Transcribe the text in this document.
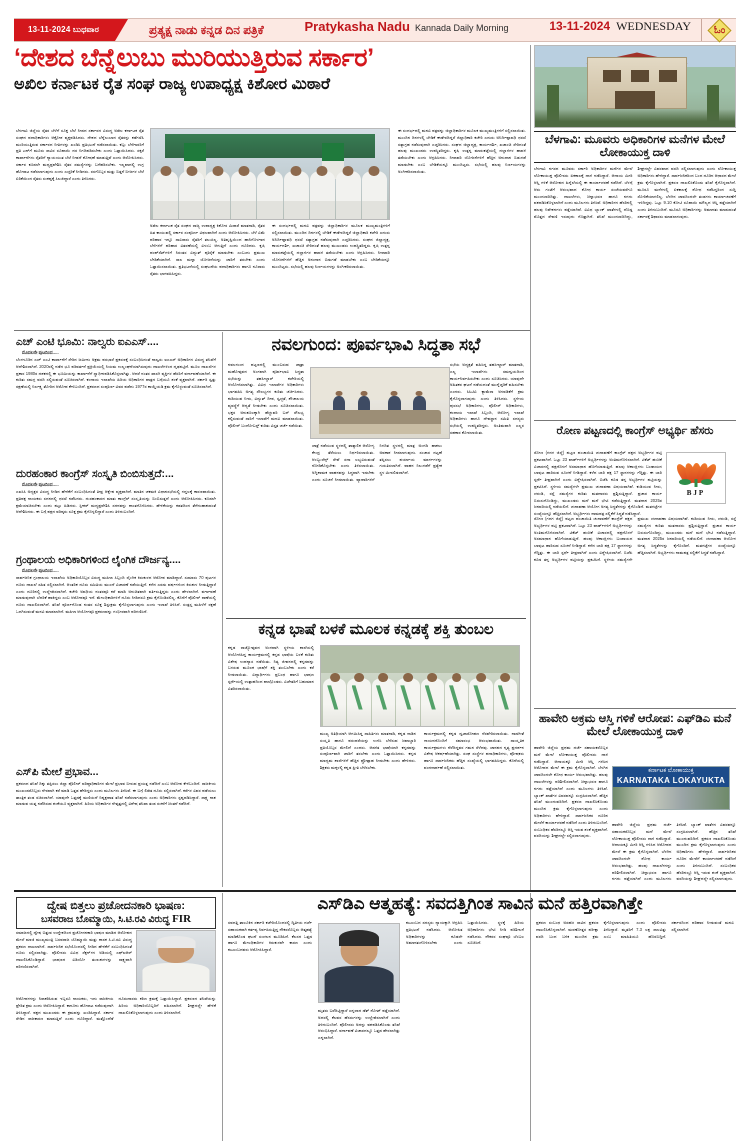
13-11-2024 ಬುಧವಾರ	ಪ್ರತ್ಯಕ್ಷ ನಾಡು ಕನ್ನಡ ದಿನ ಪತ್ರಿಕೆ	Pratykasha Nadu Kannada Daily Morning	13-11-2024 WEDNESDAY ಓಂ
‘ದೇಶದ ಬೆನ್ನೆಲುಬು ಮುರಿಯುತ್ತಿರುವ ಸರ್ಕಾರ’
ಅಖಿಲ ಕರ್ನಾಟಕ ರೈತ ಸಂಘ ರಾಜ್ಯ ಉಪಾಧ್ಯಕ್ಷ ಕಿಶೋರ ಮಿಠಾರೆ
ಬೆಳಗಾವಿ: ಮೂವರು ಅಧಿಕಾರಿಗಳ ಮನೆಗಳ ಮೇಲೆ ಲೋಕಾಯುಕ್ತ ದಾಳಿ
ಬೆಳಗಾವಿ ನಗರದ ಮೂವರು ಸರ್ಕಾರಿ ಅಧಿಕಾರಿಗಳ ಮನೆಗಳ ಮೇಲೆ ಲೋಕಾಯುಕ್ತ ಪೊಲೀಸರು ಏಕಕಾಲಕ್ಕೆ ದಾಳಿ ನಡೆಸಿದ್ದಾರೆ. ಆದಾಯ ಮೀರಿ ಆಸ್ತಿ ಗಳಿಕೆ ಆರೋಪದ ಹಿನ್ನೆಲೆಯಲ್ಲಿ ಈ ಕಾರ್ಯಾಚರಣೆ ನಡೆದಿದೆ. ಬೆಳಗ್ಗೆ ಆರು ಗಂಟೆಗೆ ಆರಂಭವಾದ ಶೋಧ ಕಾರ್ಯ ಸಂಜೆಯವರೆಗೂ ಮುಂದುವರಿದಿತ್ತು. ದಾಖಲೆಗಳು, ಚಿನ್ನಾಭರಣ ಹಾಗೂ ನಗದು ವಶಪಡಿಸಿಕೊಳ್ಳಲಾಗಿದೆ ಎಂದು ಮೂಲಗಳು ತಿಳಿಸಿವೆ. ಅಧಿಕಾರಿಗಳ ಹೆಸರಿನಲ್ಲಿ ಹಲವು ನಿವೇಶನಗಳು ಪತ್ತೆಯಾಗಿವೆ. ವಿವಿಧ ಬ್ಯಾಂಕ್ ಖಾತೆಗಳಲ್ಲಿ ದೊಡ್ಡ ಮೊತ್ತದ ಠೇವಣಿ ಇರುವುದು ಗೊತ್ತಾಗಿದೆ. ತನಿಖೆ ಮುಂದುವರಿದಿದ್ದು, ಶೀಘ್ರದಲ್ಲೇ ವಿವರವಾದ ವರದಿ ಸಲ್ಲಿಸಲಾಗುವುದು ಎಂದು ಲೋಕಾಯುಕ್ತ ಅಧಿಕಾರಿಗಳು ಹೇಳಿದ್ದಾರೆ. ಸಾರ್ವಜನಿಕರಿಂದ ಬಂದ ದೂರಿನ ಆಧಾರದ ಮೇಲೆ ಕ್ರಮ ಕೈಗೊಳ್ಳಲಾಗಿದೆ. ಪ್ರಕರಣ ದಾಖಲಿಸಿಕೊಂಡು ತನಿಖೆ ಕೈಗೊಳ್ಳಲಾಗಿದೆ. ಮೂರೂ ಮನೆಗಳಲ್ಲಿ ಏಕಕಾಲಕ್ಕೆ ಶೋಧ ನಡೆಸಿದ್ದರಿಂದ ಸುದ್ದಿ ಸೋರಿಕೆಯಾಗಲಿಲ್ಲ. ಬೆಳಗಿನ ಜಾವದಿಂದಲೇ ತಂಡಗಳು ಕಾರ್ಯಾಚರಣೆಗೆ ಇಳಿದಿದ್ದವು. ಒಟ್ಟು 9.10 ಕೋಟಿ ರೂಪಾಯಿ ಮೌಲ್ಯದ ಆಸ್ತಿ ಪತ್ತೆಯಾಗಿದೆ ಎಂದು ತಿಳಿದುಬಂದಿದೆ. ಮೂರೂ ಅಧಿಕಾರಿಗಳನ್ನು ಅಮಾನತು ಮಾಡುವಂತೆ ಸರ್ಕಾರಕ್ಕೆ ಶಿಫಾರಸು ಮಾಡಲಾಗುವುದು.
ಬೆಳಗಾವಿ ಜಿಲ್ಲೆಯ ರೈತರ ಬೆಳೆಗೆ ಸೂಕ್ತ ಬೆಲೆ ನೀಡದ ಸರ್ಕಾರದ ವಿರುದ್ಧ ಅಖಿಲ ಕರ್ನಾಟಕ ರೈತ ಸಂಘದ ಪದಾಧಿಕಾರಿಗಳು ಆಕ್ರೋಶ ವ್ಯಕ್ತಪಡಿಸಿದರು. ದೇಶದ ಬೆನ್ನೆಲುಬಾದ ರೈತರನ್ನು ಕಡೆಗಣಿಸಿ ಮುರಿಯುತ್ತಿರುವ ಸರ್ಕಾರದ ನೀತಿಗಳನ್ನು ಖಂಡಿಸಿ ಪ್ರತಿಭಟನೆ ನಡೆಸಲಾಯಿತು. ಕಬ್ಬು ಬೆಳೆಗಾರರಿಗೆ ಪ್ರತಿ ಟನ್‌ಗೆ ಮೂರು ಸಾವಿರ ರೂಪಾಯಿ ದರ ನಿಗದಿಪಡಿಸಬೇಕು ಎಂದು ಒತ್ತಾಯಿಸಿದರು. ಸಕ್ಕರೆ ಕಾರ್ಖಾನೆಗಳು ರೈತರಿಗೆ ನ್ಯಾಯಯುತ ಬೆಲೆ ನೀಡದೆ ಶೋಷಣೆ ಮಾಡುತ್ತಿವೆ ಎಂದು ಆರೋಪಿಸಿದರು. ಸರ್ಕಾರ ಕೂಡಲೇ ಮಧ್ಯಪ್ರವೇಶಿಸಿ ರೈತರ ಸಮಸ್ಯೆಗಳನ್ನು ಬಗೆಹರಿಸಬೇಕು. ಇಲ್ಲವಾದಲ್ಲಿ ಉಗ್ರ ಹೋರಾಟ ನಡೆಸಲಾಗುವುದು ಎಂದು ಎಚ್ಚರಿಕೆ ನೀಡಿದರು. ರಸಗೊಬ್ಬರ ಮತ್ತು ಬಿತ್ತನೆ ಬೀಜಗಳ ಬೆಲೆ ಏರಿಕೆಯಿಂದ ರೈತರು ಸಂಕಷ್ಟಕ್ಕೆ ಸಿಲುಕಿದ್ದಾರೆ ಎಂದು ತಿಳಿಸಿದರು.
ಅಖಿಲ ಕರ್ನಾಟಕ ರೈತ ಸಂಘದ ರಾಜ್ಯ ಉಪಾಧ್ಯಕ್ಷ ಕಿಶೋರ ಮಿಠಾರೆ ಮಾತನಾಡಿ, ರೈತರ ಹಿತ ಕಾಯುವಲ್ಲಿ ಸರ್ಕಾರ ಸಂಪೂರ್ಣ ವಿಫಲವಾಗಿದೆ ಎಂದು ಆರೋಪಿಸಿದರು. ಬೆಳೆ ವಿಮೆ ಪರಿಹಾರ ಇನ್ನೂ ಸಾವಿರಾರು ರೈತರಿಗೆ ತಲುಪಿಲ್ಲ. ಅತಿವೃಷ್ಟಿಯಿಂದ ಹಾನಿಗೊಳಗಾದ ಬೆಳೆಗಳಿಗೆ ಪರಿಹಾರ ವಿತರಣೆಯಲ್ಲಿ ವಿಳಂಬ ಆಗುತ್ತಿದೆ ಎಂದು ದೂರಿದರು. ಕೃಷಿ ಪಂಪ್‌ಸೆಟ್‌ಗಳಿಗೆ ನಿರಂತರ ವಿದ್ಯುತ್ ಪೂರೈಕೆ ಮಾಡಬೇಕು ಎಂಬುದು ಪ್ರಮುಖ ಬೇಡಿಕೆಯಾಗಿದೆ. ಸಾಲ ಮನ್ನಾ ಯೋಜನೆಯನ್ನು ಜಾರಿಗೆ ತರಬೇಕು ಎಂದು ಒತ್ತಾಯಿಸಲಾಯಿತು. ಪ್ರತಿಭಟನೆಯಲ್ಲಿ ಸಂಘಟನೆಯ ಪದಾಧಿಕಾರಿಗಳು ಹಾಗೂ ನೂರಾರು ರೈತರು ಭಾಗವಹಿಸಿದ್ದರು.
ಈ ಸಂದರ್ಭದಲ್ಲಿ ಮನವಿ ಪತ್ರವನ್ನು ಜಿಲ್ಲಾಧಿಕಾರಿಗಳ ಮೂಲಕ ಮುಖ್ಯಮಂತ್ರಿಗಳಿಗೆ ಸಲ್ಲಿಸಲಾಯಿತು. ಮುಂದಿನ ದಿನಗಳಲ್ಲಿ ಬೇಡಿಕೆ ಈಡೇರದಿದ್ದರೆ ಜಿಲ್ಲಾಧಿಕಾರಿ ಕಚೇರಿ ಎದುರು ಅನಿರ್ದಿಷ್ಟಾವಧಿ ಧರಣಿ ಸತ್ಯಾಗ್ರಹ ನಡೆಸುವುದಾಗಿ ಎಚ್ಚರಿಸಿದರು. ಸಂಘದ ಜಿಲ್ಲಾಧ್ಯಕ್ಷ, ಕಾರ್ಯದರ್ಶಿ, ಖಜಾಂಚಿ ಸೇರಿದಂತೆ ಹಲವು ಮುಖಂಡರು ಉಪಸ್ಥಿತರಿದ್ದರು. ಕೃಷಿ ಉತ್ಪನ್ನ ಮಾರುಕಟ್ಟೆಯಲ್ಲಿ ದಲ್ಲಾಳಿಗಳ ಹಾವಳಿ ತಡೆಯಬೇಕು ಎಂದು ಆಗ್ರಹಿಸಿದರು. ನೀರಾವರಿ ಯೋಜನೆಗಳಿಗೆ ಹೆಚ್ಚಿನ ಅನುದಾನ ಬಿಡುಗಡೆ ಮಾಡಬೇಕು ಎಂಬ ಬೇಡಿಕೆಯನ್ನೂ ಮುಂದಿಟ್ಟರು. ಸಭೆಯಲ್ಲಿ ಹಲವು ನಿರ್ಣಯಗಳನ್ನು ಅಂಗೀಕರಿಸಲಾಯಿತು.
ಈ ಸಂದರ್ಭದಲ್ಲಿ ಮನವಿ ಪತ್ರವನ್ನು ಜಿಲ್ಲಾಧಿಕಾರಿಗಳ ಮೂಲಕ ಮುಖ್ಯಮಂತ್ರಿಗಳಿಗೆ ಸಲ್ಲಿಸಲಾಯಿತು. ಮುಂದಿನ ದಿನಗಳಲ್ಲಿ ಬೇಡಿಕೆ ಈಡೇರದಿದ್ದರೆ ಜಿಲ್ಲಾಧಿಕಾರಿ ಕಚೇರಿ ಎದುರು ಅನಿರ್ದಿಷ್ಟಾವಧಿ ಧರಣಿ ಸತ್ಯಾಗ್ರಹ ನಡೆಸುವುದಾಗಿ ಎಚ್ಚರಿಸಿದರು. ಸಂಘದ ಜಿಲ್ಲಾಧ್ಯಕ್ಷ, ಕಾರ್ಯದರ್ಶಿ, ಖಜಾಂಚಿ ಸೇರಿದಂತೆ ಹಲವು ಮುಖಂಡರು ಉಪಸ್ಥಿತರಿದ್ದರು. ಕೃಷಿ ಉತ್ಪನ್ನ ಮಾರುಕಟ್ಟೆಯಲ್ಲಿ ದಲ್ಲಾಳಿಗಳ ಹಾವಳಿ ತಡೆಯಬೇಕು ಎಂದು ಆಗ್ರಹಿಸಿದರು. ನೀರಾವರಿ ಯೋಜನೆಗಳಿಗೆ ಹೆಚ್ಚಿನ ಅನುದಾನ ಬಿಡುಗಡೆ ಮಾಡಬೇಕು ಎಂಬ ಬೇಡಿಕೆಯನ್ನೂ ಮುಂದಿಟ್ಟರು. ಸಭೆಯಲ್ಲಿ ಹಲವು ನಿರ್ಣಯಗಳನ್ನು ಅಂಗೀಕರಿಸಲಾಯಿತು.
ಎಚ್ ಎಂಟಿ ಭೂಮಿ: ನಾಲ್ವರು ಐಎಎಸ್....
ಮೊದಲನೇ ಪುಟದಿಂದ.....
ಬೆಂಗಳೂರಿನ ಎಚ್ ಎಂಟಿ ಕಾರ್ಖಾನೆಗೆ ಸೇರಿದ ಜಮೀನು ಅಕ್ರಮ ಪರಭಾರೆ ಪ್ರಕರಣಕ್ಕೆ ಸಂಬಂಧಿಸಿದಂತೆ ನಾಲ್ವರು ಐಎಎಸ್ ಅಧಿಕಾರಿಗಳ ವಿರುದ್ಧ ತನಿಖೆಗೆ ಆದೇಶಿಸಲಾಗಿದೆ. 2020ರಲ್ಲಿ ನಡೆದ ಭೂ ಪರಿವರ್ತನೆ ಪ್ರಕ್ರಿಯೆಯಲ್ಲಿ ನಿಯಮ ಉಲ್ಲಂಘನೆಯಾಗಿರುವುದು ದಾಖಲೆಗಳಿಂದ ದೃಢಪಟ್ಟಿದೆ. ಮೂಲ ದಾಖಲೆಗಳ ಪ್ರಕಾರ 1980ರ ದಶಕದಲ್ಲಿ ಈ ಭೂಮಿಯನ್ನು ಕಾರ್ಖಾನೆಗೆ ಸ್ವಾಧೀನಪಡಿಸಿಕೊಳ್ಳಲಾಗಿತ್ತು. ಆದರೆ ನಂತರ ಖಾಸಗಿ ವ್ಯಕ್ತಿಗಳ ಹೆಸರಿಗೆ ವರ್ಗಾವಣೆಯಾಗಿದೆ. ಈ ಕುರಿತು ಸಮಗ್ರ ವರದಿ ಸಲ್ಲಿಸುವಂತೆ ಸೂಚಿಸಲಾಗಿದೆ. ಕಂದಾಯ ಇಲಾಖೆಯ ಹಿರಿಯ ಅಧಿಕಾರಿಗಳ ಪಾತ್ರದ ಬಗ್ಗೆಯೂ ಶಂಕೆ ವ್ಯಕ್ತವಾಗಿದೆ. ಸರ್ಕಾರಿ ಸ್ವತ್ತು ರಕ್ಷಣೆಯಲ್ಲಿ ನಿರ್ಲಕ್ಷ್ಯ ತೋರಿದ ಆರೋಪ ಕೇಳಿಬಂದಿದೆ. ಪ್ರಕರಣದ ಸಂಪೂರ್ಣ ವಿವರ ಪಡೆದು 1977ರ ಕಾಯ್ದೆಯಡಿ ಕ್ರಮ ಕೈಗೊಳ್ಳುವಂತೆ ಸೂಚಿಸಲಾಗಿದೆ.
ದುರಹಂಕಾರ ಕಾಂಗ್ರೆಸ್ ಸಂಸ್ಕೃತಿ ಬಿಂಬಿಸುತ್ತದೆ:...
ಮೊದಲನೇ ಪುಟದಿಂದ.....
ಎಐಸಿಸಿ ಅಧ್ಯಕ್ಷರ ವಿರುದ್ಧ ನೀಡಿದ ಹೇಳಿಕೆಗೆ ಸಂಬಂಧಿಸಿದಂತೆ ತೀವ್ರ ಆಕ್ಷೇಪ ವ್ಯಕ್ತವಾಗಿದೆ. ಮಾತಿನ ಚಕಮಕಿ ವಿಧಾನಸಭೆಯಲ್ಲಿ ಗದ್ದಲಕ್ಕೆ ಕಾರಣವಾಯಿತು. ಪ್ರತಿಪಕ್ಷ ನಾಯಕರು ಸದನದಲ್ಲಿ ಧರಣಿ ನಡೆಸಿದರು. ದುರಹಂಕಾರದ ಮಾತು ಕಾಂಗ್ರೆಸ್ ಸಂಸ್ಕೃತಿಯನ್ನು ಬಿಂಬಿಸುತ್ತದೆ ಎಂದು ಆರೋಪಿಸಿದರು. ಕೂಡಲೇ ಕ್ಷಮೆಯಾಚಿಸಬೇಕು ಎಂದು ಪಟ್ಟು ಹಿಡಿದರು. ಸ್ಪೀಕರ್ ಮಧ್ಯಪ್ರವೇಶಿಸಿ ಸದನವನ್ನು ಶಾಂತಗೊಳಿಸಿದರು. ಹೇಳಿಕೆಯನ್ನು ಕಡತದಿಂದ ತೆಗೆದುಹಾಕುವಂತೆ ಆದೇಶಿಸಿದರು. ಈ ಬಗ್ಗೆ ಪಕ್ಷದ ವರಿಷ್ಠರು ಸೂಕ್ತ ಕ್ರಮ ಕೈಗೊಳ್ಳಲಿದ್ದಾರೆ ಎಂದು ತಿಳಿದುಬಂದಿದೆ.
ಗ್ರಂಥಾಲಯ ಅಧಿಕಾರಿಗಳಿಂದ ಲೈಂಗಿಕ ದೌರ್ಜನ್ಯ....
ಮೊದಲನೇ ಪುಟದಿಂದ.....
ಸಾರ್ವಜನಿಕ ಗ್ರಂಥಾಲಯ ಇಲಾಖೆಯ ಅಧಿಕಾರಿಯೊಬ್ಬರ ವಿರುದ್ಧ ಮಹಿಳಾ ಸಿಬ್ಬಂದಿ ಲೈಂಗಿಕ ಕಿರುಕುಳದ ಆರೋಪ ಮಾಡಿದ್ದಾರೆ. ಸುಮಾರು 70 ಪುಟಗಳ ದೂರು ದಾಖಲೆ ಸಹಿತ ಸಲ್ಲಿಸಲಾಗಿದೆ. ಆಂತರಿಕ ದೂರು ಸಮಿತಿಯ ಮುಂದೆ ವಿಚಾರಣೆ ನಡೆಯುತ್ತಿದೆ. ಕಳೆದ ಎರಡು ವರ್ಷಗಳಿಂದ ಕಿರುಕುಳ ನೀಡುತ್ತಿದ್ದಾರೆ ಎಂದು ದೂರಿನಲ್ಲಿ ಉಲ್ಲೇಖಿಸಲಾಗಿದೆ. ಕಚೇರಿ ಅವಧಿಯ ನಂತರವೂ ಕರೆ ಮಾಡಿ ಅನುಚಿತವಾಗಿ ವರ್ತಿಸುತ್ತಿದ್ದರು ಎಂದು ಹೇಳಲಾಗಿದೆ. ವರ್ಗಾವಣೆ ಮಾಡುವುದಾಗಿ ಬೆದರಿಕೆ ಹಾಕಿದ್ದರು ಎಂಬ ಆರೋಪವೂ ಇದೆ. ಮೇಲಧಿಕಾರಿಗಳಿಗೆ ದೂರು ನೀಡಿದರೂ ಕ್ರಮ ಕೈಗೊಂಡಿರಲಿಲ್ಲ. ಕೊನೆಗೆ ಪೊಲೀಸ್ ಠಾಣೆಯಲ್ಲಿ ದೂರು ದಾಖಲಿಸಲಾಗಿದೆ. ತನಿಖೆ ಪೂರ್ಣಗೊಂಡ ನಂತರ ಸೂಕ್ತ ಶಿಸ್ತುಕ್ರಮ ಕೈಗೊಳ್ಳಲಾಗುವುದು ಎಂದು ಇಲಾಖೆ ತಿಳಿಸಿದೆ. ಸಂತ್ರಸ್ತ ಮಹಿಳೆಗೆ ರಕ್ಷಣೆ ಒದಗಿಸುವಂತೆ ಮನವಿ ಮಾಡಲಾಗಿದೆ. ಮಹಿಳಾ ಆಯೋಗವೂ ಪ್ರಕರಣವನ್ನು ಗಂಭೀರವಾಗಿ ಪರಿಗಣಿಸಿದೆ.
ಎಸ್‌ಪಿ ಮೇಲೆ ಪ್ರಭಾವ...
ಪ್ರಕರಣದ ತನಿಖೆ ದಿಕ್ಕು ತಪ್ಪಿಸಲು ಜಿಲ್ಲಾ ಪೊಲೀಸ್ ವರಿಷ್ಠಾಧಿಕಾರಿಗಳ ಮೇಲೆ ಪ್ರಭಾವ ಬೀರುವ ಪ್ರಯತ್ನ ನಡೆದಿದೆ ಎಂಬ ಆರೋಪ ಕೇಳಿಬಂದಿದೆ. ರಾಜಕೀಯ ಮುಖಂಡರೊಬ್ಬರು ನೇರವಾಗಿ ಕರೆ ಮಾಡಿ ಒತ್ತಡ ಹೇರಿದ್ದರು ಎಂದು ಮೂಲಗಳು ತಿಳಿಸಿವೆ. ಈ ಬಗ್ಗೆ ಲಿಖಿತ ದೂರು ಸಲ್ಲಿಸಲಾಗಿದೆ. ಕರೆಗಳ ವಿವರ ಪಡೆಯಲು ತಾಂತ್ರಿಕ ತಂಡ ರಚಿಸಲಾಗಿದೆ. ಯಾವುದೇ ಒತ್ತಡಕ್ಕೆ ಮಣಿಯದೆ ನಿಷ್ಪಕ್ಷಪಾತ ತನಿಖೆ ನಡೆಸಲಾಗುವುದು ಎಂದು ಅಧಿಕಾರಿಗಳು ಸ್ಪಷ್ಟಪಡಿಸಿದ್ದಾರೆ. ಸಾಕ್ಷ್ಯ ನಾಶ ಮಾಡುವ ಯತ್ನ ನಡೆದಿರುವ ಶಂಕೆಯೂ ವ್ಯಕ್ತವಾಗಿದೆ. ಹಿರಿಯ ಅಧಿಕಾರಿಗಳ ನೇತೃತ್ವದಲ್ಲಿ ವಿಶೇಷ ತನಿಖಾ ತಂಡ ರಚನೆಗೆ ಚಿಂತನೆ ನಡೆದಿದೆ.
ನವಲಗುಂದ: ಪೂರ್ವಭಾವಿ ಸಿದ್ಧತಾ ಸಭೆ
ನವಲಗುಂದ ಪಟ್ಟಣದಲ್ಲಿ ಮುಂಬರುವ ಜಾತ್ರಾ ಮಹೋತ್ಸವದ ಅಂಗವಾಗಿ ಪೂರ್ವಭಾವಿ ಸಿದ್ಧತಾ ಸಭೆಯನ್ನು ತಹಸೀಲ್ದಾರ್ ಕಚೇರಿಯಲ್ಲಿ ಆಯೋಜಿಸಲಾಗಿತ್ತು. ವಿವಿಧ ಇಲಾಖೆಗಳ ಅಧಿಕಾರಿಗಳು ಭಾಗವಹಿಸಿ ಅಗತ್ಯ ಸೌಲಭ್ಯಗಳ ಕುರಿತು ಚರ್ಚಿಸಿದರು. ಕುಡಿಯುವ ನೀರು, ವಿದ್ಯುತ್ ದೀಪ, ಸ್ವಚ್ಛತೆ, ಶೌಚಾಲಯ ವ್ಯವಸ್ಥೆಗೆ ಆದ್ಯತೆ ನೀಡಬೇಕು ಎಂದು ಸೂಚಿಸಲಾಯಿತು. ಭಕ್ತರ ಅನುಕೂಲಕ್ಕಾಗಿ ಹೆಚ್ಚುವರಿ ಬಸ್ ಸೌಲಭ್ಯ ಕಲ್ಪಿಸುವಂತೆ ಸಾರಿಗೆ ಇಲಾಖೆಗೆ ಮನವಿ ಮಾಡಲಾಯಿತು. ಪೊಲೀಸ್ ಬಂದೋಬಸ್ತ್ ಕುರಿತು ವಿಸ್ತೃತ ಚರ್ಚೆ ನಡೆಯಿತು.
ಜಾತ್ರೆ ನಡೆಯುವ ಸ್ಥಳದಲ್ಲಿ ತಾತ್ಕಾಲಿಕ ಆರೋಗ್ಯ ಕೇಂದ್ರ ತೆರೆಯಲು ನಿರ್ಧರಿಸಲಾಯಿತು. ಆಂಬ್ಯುಲೆನ್ಸ್ ಸೇವೆ ಸದಾ ಲಭ್ಯವಿರುವಂತೆ ನೋಡಿಕೊಳ್ಳಬೇಕು ಎಂದು ತಿಳಿಸಲಾಯಿತು. ಅಗ್ನಿಶಾಮಕ ವಾಹನವನ್ನು ಸಿದ್ಧವಾಗಿ ಇಡಬೇಕು ಎಂದು ಸೂಚನೆ ನೀಡಲಾಯಿತು. ವ್ಯಾಪಾರಿಗಳಿಗೆ ನಿಗದಿತ ಸ್ಥಳದಲ್ಲಿ ಮಾತ್ರ ಅಂಗಡಿ ಹಾಕಲು ಅವಕಾಶ ನೀಡಲಾಗುವುದು. ಸಂಚಾರ ದಟ್ಟಣೆ ತಪ್ಪಿಸಲು ಪರ್ಯಾಯ ಮಾರ್ಗಗಳನ್ನು ಗುರುತಿಸಲಾಗಿದೆ. ವಾಹನ ನಿಲುಗಡೆಗೆ ಪ್ರತ್ಯೇಕ ಸ್ಥಳ ಮೀಸಲಿಡಲಾಗಿದೆ.
ಸಭೆಯ ಅಧ್ಯಕ್ಷತೆ ವಹಿಸಿದ್ದ ತಹಸೀಲ್ದಾರ್ ಮಾತನಾಡಿ, ಎಲ್ಲ ಇಲಾಖೆಗಳು ಸಮನ್ವಯದಿಂದ ಕಾರ್ಯನಿರ್ವಹಿಸಬೇಕು ಎಂದು ಸೂಚಿಸಿದರು. ಯಾವುದೇ ಅಹಿತಕರ ಘಟನೆ ನಡೆಯದಂತೆ ಮುನ್ನೆಚ್ಚರಿಕೆ ವಹಿಸಬೇಕು ಎಂದರು. ಸಿಸಿಟಿವಿ ಕ್ಯಾಮೆರಾ ಅಳವಡಿಕೆಗೆ ಕ್ರಮ ಕೈಗೊಳ್ಳಲಾಗುವುದು ಎಂದು ತಿಳಿಸಿದರು. ಸ್ಥಳೀಯ ಪುರಸಭೆ ಅಧಿಕಾರಿಗಳು, ಪೊಲೀಸ್ ಅಧಿಕಾರಿಗಳು, ಕಂದಾಯ ಇಲಾಖೆ ಸಿಬ್ಬಂದಿ, ಆರೋಗ್ಯ ಇಲಾಖೆ ಅಧಿಕಾರಿಗಳು ಹಾಗೂ ದೇವಸ್ಥಾನ ಸಮಿತಿ ಸದಸ್ಯರು ಸಭೆಯಲ್ಲಿ ಉಪಸ್ಥಿತರಿದ್ದರು. ಅಂತಿಮವಾಗಿ ಎಲ್ಲರ ಸಹಕಾರ ಕೋರಲಾಯಿತು.
ಕನ್ನಡ ಭಾಷೆ ಬಳಕೆ ಮೂಲಕ ಕನ್ನಡಕ್ಕೆ ಶಕ್ತಿ ತುಂಬಲ
ಕನ್ನಡ ರಾಜ್ಯೋತ್ಸವದ ಅಂಗವಾಗಿ ಸ್ಥಳೀಯ ಶಾಲೆಯಲ್ಲಿ ಆಯೋಜಿಸಿದ್ದ ಕಾರ್ಯಕ್ರಮದಲ್ಲಿ ಕನ್ನಡ ಭಾಷೆಯ ಬಳಕೆ ಕುರಿತು ವಿಶೇಷ ಉಪನ್ಯಾಸ ನಡೆಯಿತು. ನಿತ್ಯ ಜೀವನದಲ್ಲಿ ಕನ್ನಡವನ್ನು ಬಳಸುವ ಮೂಲಕ ಭಾಷೆಗೆ ಶಕ್ತಿ ತುಂಬಬೇಕು ಎಂದು ಕರೆ ನೀಡಲಾಯಿತು. ವಿದ್ಯಾರ್ಥಿಗಳು ಪ್ರಬಂಧ ಹಾಗೂ ಭಾಷಣ ಸ್ಪರ್ಧೆಯಲ್ಲಿ ಉತ್ಸಾಹದಿಂದ ಪಾಲ್ಗೊಂಡರು. ವಿಜೇತರಿಗೆ ಬಹುಮಾನ ವಿತರಿಸಲಾಯಿತು.
ಮುಖ್ಯ ಅತಿಥಿಯಾಗಿ ಆಗಮಿಸಿದ್ದ ಸಾಹಿತಿಗಳು ಮಾತನಾಡಿ, ಕನ್ನಡ ನಾಡಿನ ಸಂಸ್ಕೃತಿ ಹಾಗೂ ಪರಂಪರೆಯನ್ನು ಉಳಿಸಿ ಬೆಳೆಸುವ ಜವಾಬ್ದಾರಿ ಪ್ರತಿಯೊಬ್ಬರ ಮೇಲಿದೆ ಎಂದರು. ಆಡಳಿತ ಭಾಷೆಯಾಗಿ ಕನ್ನಡವನ್ನು ಸಂಪೂರ್ಣವಾಗಿ ಜಾರಿಗೆ ತರಬೇಕು ಎಂದು ಒತ್ತಾಯಿಸಿದರು. ಕನ್ನಡ ಮಾಧ್ಯಮ ಶಾಲೆಗಳಿಗೆ ಹೆಚ್ಚಿನ ಪ್ರೋತ್ಸಾಹ ನೀಡಬೇಕು ಎಂದು ಹೇಳಿದರು. ಶಿಕ್ಷಕರು ಮಕ್ಕಳಲ್ಲಿ ಕನ್ನಡ ಪ್ರೀತಿ ಬೆಳೆಸಬೇಕು.
ಕಾರ್ಯಕ್ರಮದಲ್ಲಿ ಕನ್ನಡ ಧ್ವಜಾರೋಹಣ ನೆರವೇರಿಸಲಾಯಿತು. ನಾಡಗೀತೆ ಗಾಯನದೊಂದಿಗೆ ಸಮಾರಂಭ ಆರಂಭವಾಯಿತು. ಸಾಂಸ್ಕೃತಿಕ ಕಾರ್ಯಕ್ರಮಗಳು ನೆರೆದಿದ್ದವರ ಗಮನ ಸೆಳೆದವು. ಜಾನಪದ ನೃತ್ಯ ಪ್ರದರ್ಶನ ವಿಶೇಷ ಆಕರ್ಷಣೆಯಾಗಿತ್ತು. ಸಂಘ ಸಂಸ್ಥೆಗಳ ಪದಾಧಿಕಾರಿಗಳು, ಪೋಷಕರು ಹಾಗೂ ಸಾರ್ವಜನಿಕರು ಹೆಚ್ಚಿನ ಸಂಖ್ಯೆಯಲ್ಲಿ ಭಾಗವಹಿಸಿದ್ದರು. ಕೊನೆಯಲ್ಲಿ ವಂದನಾರ್ಪಣೆ ಸಲ್ಲಿಸಲಾಯಿತು.
ರೋಣ ಪಟ್ಟಣದಲ್ಲಿ ಕಾಂಗ್ರೆಸ್ ಅಭ್ಯರ್ಥಿ ಹೆಸರು
BJP
ರೋಣ (ಗದಗ ಜಿಲ್ಲೆ) ಪಟ್ಟಣ ಪಂಚಾಯಿತಿ ಚುನಾವಣೆಗೆ ಕಾಂಗ್ರೆಸ್ ಪಕ್ಷದ ಅಭ್ಯರ್ಥಿಗಳ ಪಟ್ಟಿ ಪ್ರಕಟವಾಗಿದೆ. ಒಟ್ಟು 23 ವಾರ್ಡ್‌ಗಳಿಗೆ ಅಭ್ಯರ್ಥಿಗಳನ್ನು ಅಂತಿಮಗೊಳಿಸಲಾಗಿದೆ. ಟಿಕೆಟ್ ಹಂಚಿಕೆ ವಿಚಾರದಲ್ಲಿ ಪಕ್ಷದೊಳಗೆ ಅಸಮಾಧಾನ ಹೊಗೆಯಾಡುತ್ತಿದೆ. ಹಲವು ಆಕಾಂಕ್ಷಿಗಳು ಬಂಡಾಯದ ಬಾವುಟ ಹಾರಿಸುವ ಸೂಚನೆ ನೀಡಿದ್ದಾರೆ. ಕಳೆದ ಬಾರಿ ಪಕ್ಷ 17 ಸ್ಥಾನಗಳನ್ನು ಗೆದ್ದಿತ್ತು. ಈ ಬಾರಿ ಸ್ಪರ್ಧೆ ತೀವ್ರವಾಗಿದೆ ಎಂದು ವಿಶ್ಲೇಷಿಸಲಾಗಿದೆ. ಬಿಜೆಪಿ ಕೂಡ ತನ್ನ ಅಭ್ಯರ್ಥಿಗಳ ಪಟ್ಟಿಯನ್ನು ಪ್ರಕಟಿಸಿದೆ. ಸ್ಥಳೀಯ ಸಮಸ್ಯೆಗಳೇ ಪ್ರಮುಖ ಚುನಾವಣಾ ವಿಷಯವಾಗಿವೆ. ಕುಡಿಯುವ ನೀರು, ಚರಂಡಿ, ರಸ್ತೆ ಸಮಸ್ಯೆಗಳ ಕುರಿತು ಮತದಾರರು ಪ್ರಶ್ನಿಸುತ್ತಿದ್ದಾರೆ. ಪ್ರಚಾರ ಕಾರ್ಯ ಬಿರುಸುಗೊಂಡಿದ್ದು, ಮುಖಂಡರು ಮನೆ ಮನೆ ಭೇಟಿ ನಡೆಸುತ್ತಿದ್ದಾರೆ. ಮತದಾನ 2025ರ ಜನವರಿಯಲ್ಲಿ ನಡೆಯಲಿದೆ. ಚುನಾವಣಾ ಆಯೋಗ ಅಗತ್ಯ ಸಿದ್ಧತೆಗಳನ್ನು ಕೈಗೊಂಡಿದೆ. ಮತಗಟ್ಟೆಗಳ ಸಂಖ್ಯೆಯನ್ನೂ ಹೆಚ್ಚಿಸಲಾಗಿದೆ. ಅಭ್ಯರ್ಥಿಗಳು ನಾಮಪತ್ರ ಸಲ್ಲಿಕೆಗೆ ಸಿದ್ಧತೆ ನಡೆಸಿದ್ದಾರೆ.
ರೋಣ (ಗದಗ ಜಿಲ್ಲೆ) ಪಟ್ಟಣ ಪಂಚಾಯಿತಿ ಚುನಾವಣೆಗೆ ಕಾಂಗ್ರೆಸ್ ಪಕ್ಷದ ಅಭ್ಯರ್ಥಿಗಳ ಪಟ್ಟಿ ಪ್ರಕಟವಾಗಿದೆ. ಒಟ್ಟು 23 ವಾರ್ಡ್‌ಗಳಿಗೆ ಅಭ್ಯರ್ಥಿಗಳನ್ನು ಅಂತಿಮಗೊಳಿಸಲಾಗಿದೆ. ಟಿಕೆಟ್ ಹಂಚಿಕೆ ವಿಚಾರದಲ್ಲಿ ಪಕ್ಷದೊಳಗೆ ಅಸಮಾಧಾನ ಹೊಗೆಯಾಡುತ್ತಿದೆ. ಹಲವು ಆಕಾಂಕ್ಷಿಗಳು ಬಂಡಾಯದ ಬಾವುಟ ಹಾರಿಸುವ ಸೂಚನೆ ನೀಡಿದ್ದಾರೆ. ಕಳೆದ ಬಾರಿ ಪಕ್ಷ 17 ಸ್ಥಾನಗಳನ್ನು ಗೆದ್ದಿತ್ತು. ಈ ಬಾರಿ ಸ್ಪರ್ಧೆ ತೀವ್ರವಾಗಿದೆ ಎಂದು ವಿಶ್ಲೇಷಿಸಲಾಗಿದೆ. ಬಿಜೆಪಿ ಕೂಡ ತನ್ನ ಅಭ್ಯರ್ಥಿಗಳ ಪಟ್ಟಿಯನ್ನು ಪ್ರಕಟಿಸಿದೆ. ಸ್ಥಳೀಯ ಸಮಸ್ಯೆಗಳೇ ಪ್ರಮುಖ ಚುನಾವಣಾ ವಿಷಯವಾಗಿವೆ. ಕುಡಿಯುವ ನೀರು, ಚರಂಡಿ, ರಸ್ತೆ ಸಮಸ್ಯೆಗಳ ಕುರಿತು ಮತದಾರರು ಪ್ರಶ್ನಿಸುತ್ತಿದ್ದಾರೆ. ಪ್ರಚಾರ ಕಾರ್ಯ ಬಿರುಸುಗೊಂಡಿದ್ದು, ಮುಖಂಡರು ಮನೆ ಮನೆ ಭೇಟಿ ನಡೆಸುತ್ತಿದ್ದಾರೆ. ಮತದಾನ 2025ರ ಜನವರಿಯಲ್ಲಿ ನಡೆಯಲಿದೆ. ಚುನಾವಣಾ ಆಯೋಗ ಅಗತ್ಯ ಸಿದ್ಧತೆಗಳನ್ನು ಕೈಗೊಂಡಿದೆ. ಮತಗಟ್ಟೆಗಳ ಸಂಖ್ಯೆಯನ್ನೂ ಹೆಚ್ಚಿಸಲಾಗಿದೆ. ಅಭ್ಯರ್ಥಿಗಳು ನಾಮಪತ್ರ ಸಲ್ಲಿಕೆಗೆ ಸಿದ್ಧತೆ ನಡೆಸಿದ್ದಾರೆ.
ಹಾವೇರಿ ಅಕ್ರಮ ಆಸ್ತಿ ಗಳಿಕೆ ಆರೋಪ: ಎಫ್‌ಡಿಎ ಮನೆ ಮೇಲೆ ಲೋಕಾಯುಕ್ತ ದಾಳಿ
ಕರ್ನಾಟಕ ಲೋಕಾಯುಕ್ತ
KARNATAKA LOKAYUKTA
ಹಾವೇರಿ ಜಿಲ್ಲೆಯ ಪ್ರಥಮ ದರ್ಜೆ ಸಹಾಯಕರೊಬ್ಬರ ಮನೆ ಮೇಲೆ ಲೋಕಾಯುಕ್ತ ಪೊಲೀಸರು ದಾಳಿ ನಡೆಸಿದ್ದಾರೆ. ಆದಾಯಕ್ಕೂ ಮೀರಿ ಆಸ್ತಿ ಗಳಿಸಿದ ಆರೋಪದ ಮೇಲೆ ಈ ಕ್ರಮ ಕೈಗೊಳ್ಳಲಾಗಿದೆ. ಬೆಳಗಿನ ಜಾವದಿಂದಲೇ ಶೋಧ ಕಾರ್ಯ ಆರಂಭವಾಗಿತ್ತು. ಹಲವು ದಾಖಲೆಗಳನ್ನು ಪರಿಶೀಲಿಸಲಾಗಿದೆ. ಚಿನ್ನಾಭರಣ ಹಾಗೂ ನಗದು ಪತ್ತೆಯಾಗಿದೆ ಎಂದು ಮೂಲಗಳು ತಿಳಿಸಿವೆ. ಬ್ಯಾಂಕ್ ಖಾತೆಗಳ ವಿವರವನ್ನೂ ಸಂಗ್ರಹಿಸಲಾಗಿದೆ. ಹೆಚ್ಚಿನ ತನಿಖೆ ಮುಂದುವರಿದಿದೆ. ಪ್ರಕರಣ ದಾಖಲಿಸಿಕೊಂಡು ಮುಂದಿನ ಕ್ರಮ ಕೈಗೊಳ್ಳಲಾಗುವುದು ಎಂದು ಅಧಿಕಾರಿಗಳು ಹೇಳಿದ್ದಾರೆ. ಸಾರ್ವಜನಿಕರ ದೂರಿನ ಮೇರೆಗೆ ಕಾರ್ಯಾಚರಣೆ ನಡೆದಿದೆ ಎಂದು ತಿಳಿದುಬಂದಿದೆ. ಸಂಬಂಧಿಕರ ಹೆಸರಿನಲ್ಲೂ ಆಸ್ತಿ ಇರುವ ಶಂಕೆ ವ್ಯಕ್ತವಾಗಿದೆ. ವರದಿಯನ್ನು ಶೀಘ್ರದಲ್ಲೇ ಸಲ್ಲಿಸಲಾಗುವುದು.
ಹಾವೇರಿ ಜಿಲ್ಲೆಯ ಪ್ರಥಮ ದರ್ಜೆ ಸಹಾಯಕರೊಬ್ಬರ ಮನೆ ಮೇಲೆ ಲೋಕಾಯುಕ್ತ ಪೊಲೀಸರು ದಾಳಿ ನಡೆಸಿದ್ದಾರೆ. ಆದಾಯಕ್ಕೂ ಮೀರಿ ಆಸ್ತಿ ಗಳಿಸಿದ ಆರೋಪದ ಮೇಲೆ ಈ ಕ್ರಮ ಕೈಗೊಳ್ಳಲಾಗಿದೆ. ಬೆಳಗಿನ ಜಾವದಿಂದಲೇ ಶೋಧ ಕಾರ್ಯ ಆರಂಭವಾಗಿತ್ತು. ಹಲವು ದಾಖಲೆಗಳನ್ನು ಪರಿಶೀಲಿಸಲಾಗಿದೆ. ಚಿನ್ನಾಭರಣ ಹಾಗೂ ನಗದು ಪತ್ತೆಯಾಗಿದೆ ಎಂದು ಮೂಲಗಳು ತಿಳಿಸಿವೆ. ಬ್ಯಾಂಕ್ ಖಾತೆಗಳ ವಿವರವನ್ನೂ ಸಂಗ್ರಹಿಸಲಾಗಿದೆ. ಹೆಚ್ಚಿನ ತನಿಖೆ ಮುಂದುವರಿದಿದೆ. ಪ್ರಕರಣ ದಾಖಲಿಸಿಕೊಂಡು ಮುಂದಿನ ಕ್ರಮ ಕೈಗೊಳ್ಳಲಾಗುವುದು ಎಂದು ಅಧಿಕಾರಿಗಳು ಹೇಳಿದ್ದಾರೆ. ಸಾರ್ವಜನಿಕರ ದೂರಿನ ಮೇರೆಗೆ ಕಾರ್ಯಾಚರಣೆ ನಡೆದಿದೆ ಎಂದು ತಿಳಿದುಬಂದಿದೆ. ಸಂಬಂಧಿಕರ ಹೆಸರಿನಲ್ಲೂ ಆಸ್ತಿ ಇರುವ ಶಂಕೆ ವ್ಯಕ್ತವಾಗಿದೆ. ವರದಿಯನ್ನು ಶೀಘ್ರದಲ್ಲೇ ಸಲ್ಲಿಸಲಾಗುವುದು.
ದ್ವೇಷ ಬಿತ್ತಲು ಪ್ರಚೋದನಕಾರಿ ಭಾಷಣ:
ಬಸವರಾಜ ಬೊಮ್ಮಾಯಿ, ಸಿ.ಟಿ.ರವಿ ವಿರುದ್ಧ FIR
ಸಮಾಜದಲ್ಲಿ ದ್ವೇಷ ಬಿತ್ತುವ ಉದ್ದೇಶದಿಂದ ಪ್ರಚೋದನಕಾರಿ ಭಾಷಣ ಮಾಡಿದ ಆರೋಪದ ಮೇಲೆ ಮಾಜಿ ಮುಖ್ಯಮಂತ್ರಿ ಬಸವರಾಜ ಬೊಮ್ಮಾಯಿ ಮತ್ತು ಶಾಸಕ ಸಿ.ಟಿ.ರವಿ ವಿರುದ್ಧ ಪ್ರಕರಣ ದಾಖಲಾಗಿದೆ. ಸಾರ್ವಜನಿಕ ಸಭೆಯೊಂದರಲ್ಲಿ ನೀಡಿದ ಹೇಳಿಕೆಗೆ ಸಂಬಂಧಿಸಿದಂತೆ ದೂರು ಸಲ್ಲಿಸಲಾಗಿತ್ತು. ಪೊಲೀಸರು ವಿವಿಧ ಸೆಕ್ಷನ್‌ಗಳ ಅಡಿಯಲ್ಲಿ ಎಫ್‌ಐಆರ್ ದಾಖಲಿಸಿಕೊಂಡಿದ್ದಾರೆ. ಭಾಷಣದ ವಿಡಿಯೋ ತುಣುಕುಗಳನ್ನು ಸಾಕ್ಷ್ಯವಾಗಿ ಪರಿಗಣಿಸಲಾಗಿದೆ.
ಆರೋಪಗಳನ್ನು ನಿರಾಕರಿಸಿರುವ ಇಬ್ಬರೂ ನಾಯಕರು, ಇದು ರಾಜಕೀಯ ಪ್ರೇರಿತ ಕ್ರಮ ಎಂದು ಆರೋಪಿಸಿದ್ದಾರೆ. ಕಾನೂನು ಹೋರಾಟ ನಡೆಸುವುದಾಗಿ ತಿಳಿಸಿದ್ದಾರೆ. ಪಕ್ಷದ ಮುಖಂಡರು ಈ ಕ್ರಮವನ್ನು ಖಂಡಿಸಿದ್ದಾರೆ. ಸರ್ಕಾರ ಸೇಡಿನ ರಾಜಕಾರಣ ಮಾಡುತ್ತಿದೆ ಎಂದು ದೂರಿದ್ದಾರೆ. ಮತ್ತೊಂದೆಡೆ ದೂರುದಾರರು ಕಠಿಣ ಕ್ರಮಕ್ಕೆ ಒತ್ತಾಯಿಸಿದ್ದಾರೆ. ಪ್ರಕರಣದ ತನಿಖೆಯನ್ನು ಹಿರಿಯ ಅಧಿಕಾರಿಯೊಬ್ಬರಿಗೆ ವಹಿಸಲಾಗಿದೆ. ಶೀಘ್ರದಲ್ಲೇ ಹೇಳಿಕೆ ದಾಖಲಿಸಿಕೊಳ್ಳಲಾಗುವುದು ಎಂದು ತಿಳಿಸಲಾಗಿದೆ.
ಎಸ್‌ಡಿಎ ಆತ್ಮಹತ್ಯೆ: ಸವದತ್ತಿಗಿಂತ ಸಾವಿನ ಮನೆ ಹತ್ತಿರವಾಗಿತ್ತೇ
ಸವದತ್ತಿ ತಾಲೂಕಿನ ಸರ್ಕಾರಿ ಕಚೇರಿಯೊಂದರಲ್ಲಿ ದ್ವಿತೀಯ ದರ್ಜೆ ಸಹಾಯಕರಾಗಿ ಕರ್ತವ್ಯ ನಿರ್ವಹಿಸುತ್ತಿದ್ದ ನೌಕರರೊಬ್ಬರು ಆತ್ಮಹತ್ಯೆ ಮಾಡಿಕೊಂಡ ಘಟನೆ ಸಂಚಲನ ಮೂಡಿಸಿದೆ. ಕೆಲಸದ ಒತ್ತಡ ಹಾಗೂ ಮೇಲಧಿಕಾರಿಗಳ ಕಿರುಕುಳವೇ ಕಾರಣ ಎಂದು ಕುಟುಂಬದವರು ಆರೋಪಿಸಿದ್ದಾರೆ.
ಮೃತರು ಬರೆದಿಟ್ಟಿದ್ದಾರೆ ಎನ್ನಲಾದ ಡೆತ್ ನೋಟ್ ಪತ್ತೆಯಾಗಿದೆ. ಅದರಲ್ಲಿ ಕೆಲವರ ಹೆಸರುಗಳನ್ನು ಉಲ್ಲೇಖಿಸಲಾಗಿದೆ ಎಂದು ತಿಳಿದುಬಂದಿದೆ. ಪೊಲೀಸರು ಅದನ್ನು ವಶಪಡಿಸಿಕೊಂಡು ತನಿಖೆ ಆರಂಭಿಸಿದ್ದಾರೆ. ವರ್ಗಾವಣೆ ವಿಚಾರದಲ್ಲೂ ಒತ್ತಡ ಹೇರಲಾಗಿತ್ತು ಎನ್ನಲಾಗಿದೆ.
ಕುಟುಂಬದ ಸದಸ್ಯರು ನ್ಯಾಯಕ್ಕಾಗಿ ಆಗ್ರಹಿಸಿ ಪ್ರತಿಭಟನೆ ನಡೆಸಿದರು. ಆರೋಪಿತ ಅಧಿಕಾರಿಗಳನ್ನು ಕೂಡಲೇ ಅಮಾನತುಗೊಳಿಸಬೇಕು ಎಂದು ಒತ್ತಾಯಿಸಿದರು. ಸ್ಥಳಕ್ಕೆ ಹಿರಿಯ ಅಧಿಕಾರಿಗಳು ಭೇಟಿ ನೀಡಿ ಪರಿಶೀಲನೆ ನಡೆಸಿದರು. ನೌಕರರ ಸಂಘವೂ ಬೆಂಬಲ ಸೂಚಿಸಿದೆ.
ಪ್ರಕರಣ ಸಂಬಂಧ ಅಸಹಜ ಸಾವಿನ ಪ್ರಕರಣ ದಾಖಲಿಸಿಕೊಳ್ಳಲಾಗಿದೆ. ಮರಣೋತ್ತರ ಪರೀಕ್ಷಾ ವರದಿ ಬಂದ ಬಳಿಕ ಮುಂದಿನ ಕ್ರಮ ಕೈಗೊಳ್ಳಲಾಗುವುದು ಎಂದು ಪೊಲೀಸರು ತಿಳಿಸಿದ್ದಾರೆ. ಮೃತರಿಗೆ 7.3 ಲಕ್ಷ ಸಾಲವಿತ್ತು ಎಂಬ ಮಾಹಿತಿಯೂ ಹೊರಬಿದ್ದಿದೆ. ಸರ್ಕಾರದಿಂದ ಪರಿಹಾರ ನೀಡುವಂತೆ ಮನವಿ ಸಲ್ಲಿಸಲಾಗಿದೆ.
